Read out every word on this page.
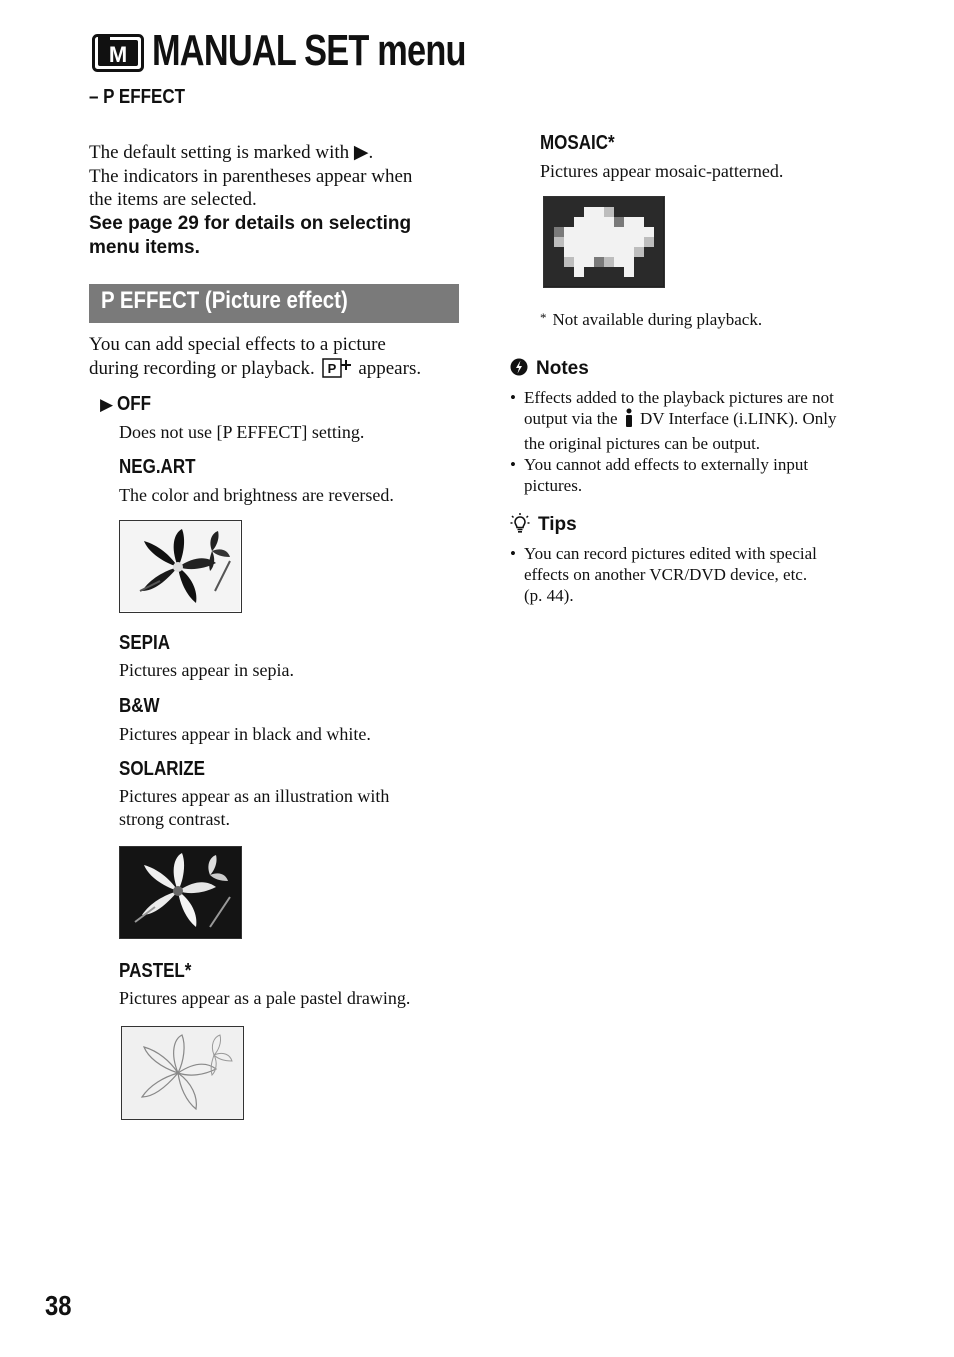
M MANUAL SET menu
– P EFFECT
The default setting is marked with ▶.
The indicators in parentheses appear when
the items are selected.
See page 29 for details on selecting
menu items.
P EFFECT (Picture effect)
You can add special effects to a picture
during recording or playback. P appears.
▶ OFF
Does not use [P EFFECT] setting.
NEG.ART
The color and brightness are reversed.
SEPIA
Pictures appear in sepia.
B&W
Pictures appear in black and white.
SOLARIZE
Pictures appear as an illustration with
strong contrast.
PASTEL*
Pictures appear as a pale pastel drawing.
MOSAIC*
Pictures appear mosaic-patterned.
* Not available during playback.
Notes
• Effects added to the playback pictures are not
output via the DV Interface (i.LINK). Only
the original pictures can be output.
• You cannot add effects to externally input
pictures.
Tips
• You can record pictures edited with special
effects on another VCR/DVD device, etc.
(p. 44).
38
